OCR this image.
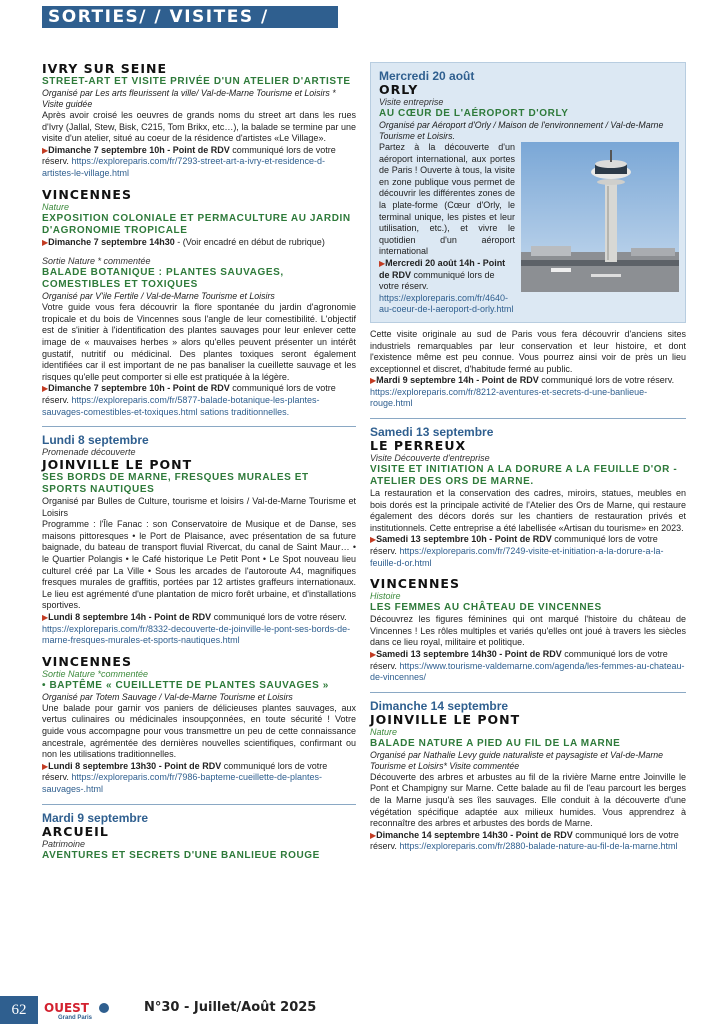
SORTIES/ / VISITES / TOURISME
IVRY SUR SEINE
STREET-ART ET VISITE PRIVÉE D'UN ATELIER D'ARTISTE
Organisé par Les arts fleurissent la ville/ Val-de-Marne Tourisme et Loisirs * Visite guidée
Après avoir croisé les oeuvres de grands noms du street art dans les rues d'Ivry (Jallal, Stew, Bisk, C215, Tom Brikx, etc…), la balade se termine par une visite d'un atelier, situé au coeur de la résidence d'artistes «Le Village».
▶Dimanche 7 septembre 10h - Point de RDV communiqué lors de votre réserv. https://exploreparis.com/fr/7293-street-art-a-ivry-et-residence-d-artistes-le-village.html
VINCENNES
Nature
EXPOSITION COLONIALE ET PERMACULTURE AU JARDIN D'AGRONOMIE TROPICALE
▶Dimanche 7 septembre 14h30 - (Voir encadré en début de rubrique)
Sortie Nature * commentée
BALADE BOTANIQUE : PLANTES SAUVAGES, COMESTIBLES ET TOXIQUES
Organisé par V'ile Fertile / Val-de-Marne Tourisme et Loisirs
Votre guide vous fera découvrir la flore spontanée du jardin d'agronomie tropicale et du bois de Vincennes sous l'angle de leur comestibilité. L'objectif est de s'initier à l'identification des plantes sauvages pour leur enlever cette image de « mauvaises herbes » alors qu'elles peuvent présenter un intérêt gustatif, nutritif ou médicinal. Des plantes toxiques seront également identifiées car il est important de ne pas banaliser la cueillette sauvage et les risques qu'elle peut comporter si elle est pratiquée à la légère.
▶Dimanche 7 septembre 10h - Point de RDV communiqué lors de votre réserv. https://exploreparis.com/fr/5877-balade-botanique-les-plantes-sauvages-comestibles-et-toxiques.html sations traditionnelles.
Lundi 8 septembre
Promenade découverte
JOINVILLE LE PONT
SES BORDS DE MARNE, FRESQUES MURALES ET SPORTS NAUTIQUES
Organisé par Bulles de Culture, tourisme et loisirs / Val-de-Marne Tourisme et Loisirs
Programme : l'Île Fanac : son Conservatoire de Musique et de Danse, ses maisons pittoresques • le Port de Plaisance, avec présentation de sa future baignade, du bateau de transport fluvial Rivercat, du canal de Saint Maur… • le Quartier Polangis • le Café historique Le Petit Pont • Le Spot nouveau lieu culturel créé par La Ville • Sous les arcades de l'autoroute A4, magnifiques fresques murales de graffitis, portées par 12 artistes graffeurs internationaux. Le lieu est agrémenté d'une plantation de micro forêt urbaine, et d'installations sportives.
▶Lundi 8 septembre 14h - Point de RDV communiqué lors de votre réserv. https://exploreparis.com/fr/8332-decouverte-de-joinville-le-pont-ses-bords-de-marne-fresques-murales-et-sports-nautiques.html
VINCENNES
Sortie Nature *commentée
• BAPTÊME « CUEILLETTE DE PLANTES SAUVAGES »
Organisé par Totem Sauvage / Val-de-Marne Tourisme et Loisirs
Une balade pour garnir vos paniers de délicieuses plantes sauvages, aux vertus culinaires ou médicinales insoupçonnées, en toute sécurité ! Votre guide vous accompagne pour vous transmettre un peu de cette connaissance ancestrale, agrémentée des dernières nouvelles scientifiques, confirmant ou non les utilisations traditionnelles.
▶Lundi 8 septembre 13h30 - Point de RDV communiqué lors de votre réserv. https://exploreparis.com/fr/7986-bapteme-cueillette-de-plantes-sauvages-.html
Mardi 9 septembre
ARCUEIL
Patrimoine
AVENTURES ET SECRETS D'UNE BANLIEUE ROUGE
Mercredi 20 août
ORLY
Visite entreprise
AU CŒUR DE L'AÉROPORT D'ORLY
Organisé par Aéroport d'Orly / Maison de l'environnement / Val-de-Marne Tourisme et Loisirs.
Partez à la découverte d'un aéroport international, aux portes de Paris ! Ouverte à tous, la visite en zone publique vous permet de découvrir les différentes zones de la plate-forme (Cœur d'Orly, le terminal unique, les pistes et leur utilisation, etc.), et vivre le quotidien d'un aéroport international
▶Mercredi 20 août 14h - Point de RDV communiqué lors de votre réserv. https://exploreparis.com/fr/4640-au-coeur-de-l-aeroport-d-orly.html
Cette visite originale au sud de Paris vous fera découvrir d'anciens sites industriels remarquables par leur conservation et leur histoire, et dont l'existence même est peu connue. Vous pourrez ainsi voir de près un lieu exceptionnel et discret, d'habitude fermé au public.
▶Mardi 9 septembre 14h - Point de RDV communiqué lors de votre réserv. https://exploreparis.com/fr/8212-aventures-et-secrets-d-une-banlieue-rouge.html
Samedi 13 septembre
LE PERREUX
Visite Découverte d'entreprise
VISITE ET INITIATION A LA DORURE A LA FEUILLE D'OR - ATELIER DES ORS DE MARNE.
La restauration et la conservation des cadres, miroirs, statues, meubles en bois dorés est la principale activité de l'Atelier des Ors de Marne, qui restaure également des décors dorés sur les chantiers de restauration privés et institutionnels. Cette entreprise a été labellisée «Artisan du tourisme» en 2023.
▶Samedi 13 septembre 10h - Point de RDV communiqué lors de votre réserv. https://exploreparis.com/fr/7249-visite-et-initiation-a-la-dorure-a-la-feuille-d-or.html
VINCENNES
Histoire
LES FEMMES AU CHÂTEAU DE VINCENNES
Découvrez les figures féminines qui ont marqué l'histoire du château de Vincennes ! Les rôles multiples et variés qu'elles ont joué à travers les siècles dans ce lieu royal, militaire et politique.
▶Samedi 13 septembre 14h30 - Point de RDV communiqué lors de votre réserv. https://www.tourisme-valdemarne.com/agenda/les-femmes-au-chateau-de-vincennes/
Dimanche 14 septembre
JOINVILLE LE PONT
Nature
BALADE NATURE A PIED AU FIL DE LA MARNE
Organisé par Nathalie Levy guide naturaliste et paysagiste et Val-de-Marne Tourisme et Loisirs* Visite commentée
Découverte des arbres et arbustes au fil de la rivière Marne entre Joinville le Pont et Champigny sur Marne. Cette balade au fil de l'eau parcourt les berges de la Marne jusqu'à ses îles sauvages. Elle conduit à la découverte d'une végétation spécifique adaptée aux milieux humides. Vous apprendrez à reconnaître des arbres et arbustes des bords de Marne.
▶Dimanche 14 septembre 14h30 - Point de RDV communiqué lors de votre réserv. https://exploreparis.com/fr/2880-balade-nature-au-fil-de-la-marne.html
62	OUEST
Grand Paris
N°30 - Juillet/Août 2025
